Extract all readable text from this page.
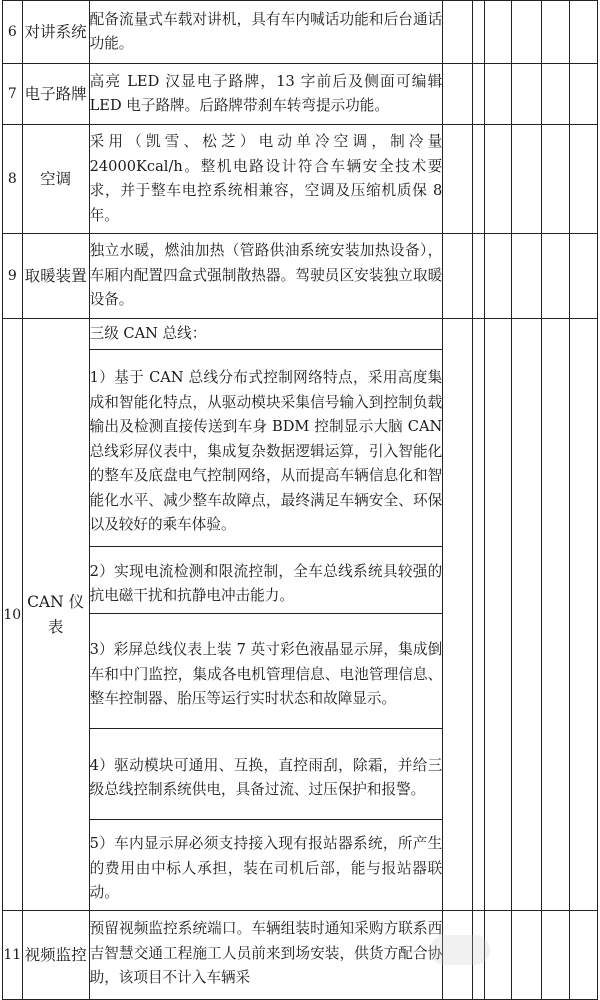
6	对讲系统	配备流量式车载对讲机，具有车内喊话功能和后台通话功能。						
7	电子路牌	高亮 LED 汉显电子路牌，13 字前后及侧面可编辑 LED 电子路牌。后路牌带刹车转弯提示功能。						
8	空调	采用（凯雪、松芝）电动单冷空调，制冷量 24000Kcal/h。整机电路设计符合车辆安全技术要求，并于整车电控系统相兼容，空调及压缩机质保 8 年。						
9	取暖装置	独立水暖，燃油加热（管路供油系统安装加热设备），车厢内配置四盒式强制散热器。驾驶员区安装独立取暖设备。						
10	CAN 仪表	三级 CAN 总线：						
		1）基于 CAN 总线分布式控制网络特点，采用高度集成和智能化特点，从驱动模块采集信号输入到控制负载输出及检测直接传送到车身 BDM 控制显示大脑 CAN 总线彩屏仪表中，集成复杂数据逻辑运算，引入智能化的整车及底盘电气控制网络，从而提高车辆信息化和智能化水平、减少整车故障点，最终满足车辆安全、环保以及较好的乘车体验。						
		2）实现电流检测和限流控制，全车总线系统具较强的抗电磁干扰和抗静电冲击能力。						
		3）彩屏总线仪表上装 7 英寸彩色液晶显示屏，集成倒车和中门监控，集成各电机管理信息、电池管理信息、整车控制器、胎压等运行实时状态和故障显示。						
		4）驱动模块可通用、互换，直控雨刮，除霜，并给三级总线控制系统供电，具备过流、过压保护和报警。						
		5）车内显示屏必须支持接入现有报站器系统，所产生的费用由中标人承担，装在司机后部，能与报站器联动。						
11	视频监控	预留视频监控系统端口。车辆组装时通知采购方联系西吉智慧交通工程施工人员前来到场安装，供货方配合协助，该项目不计入车辆采						
